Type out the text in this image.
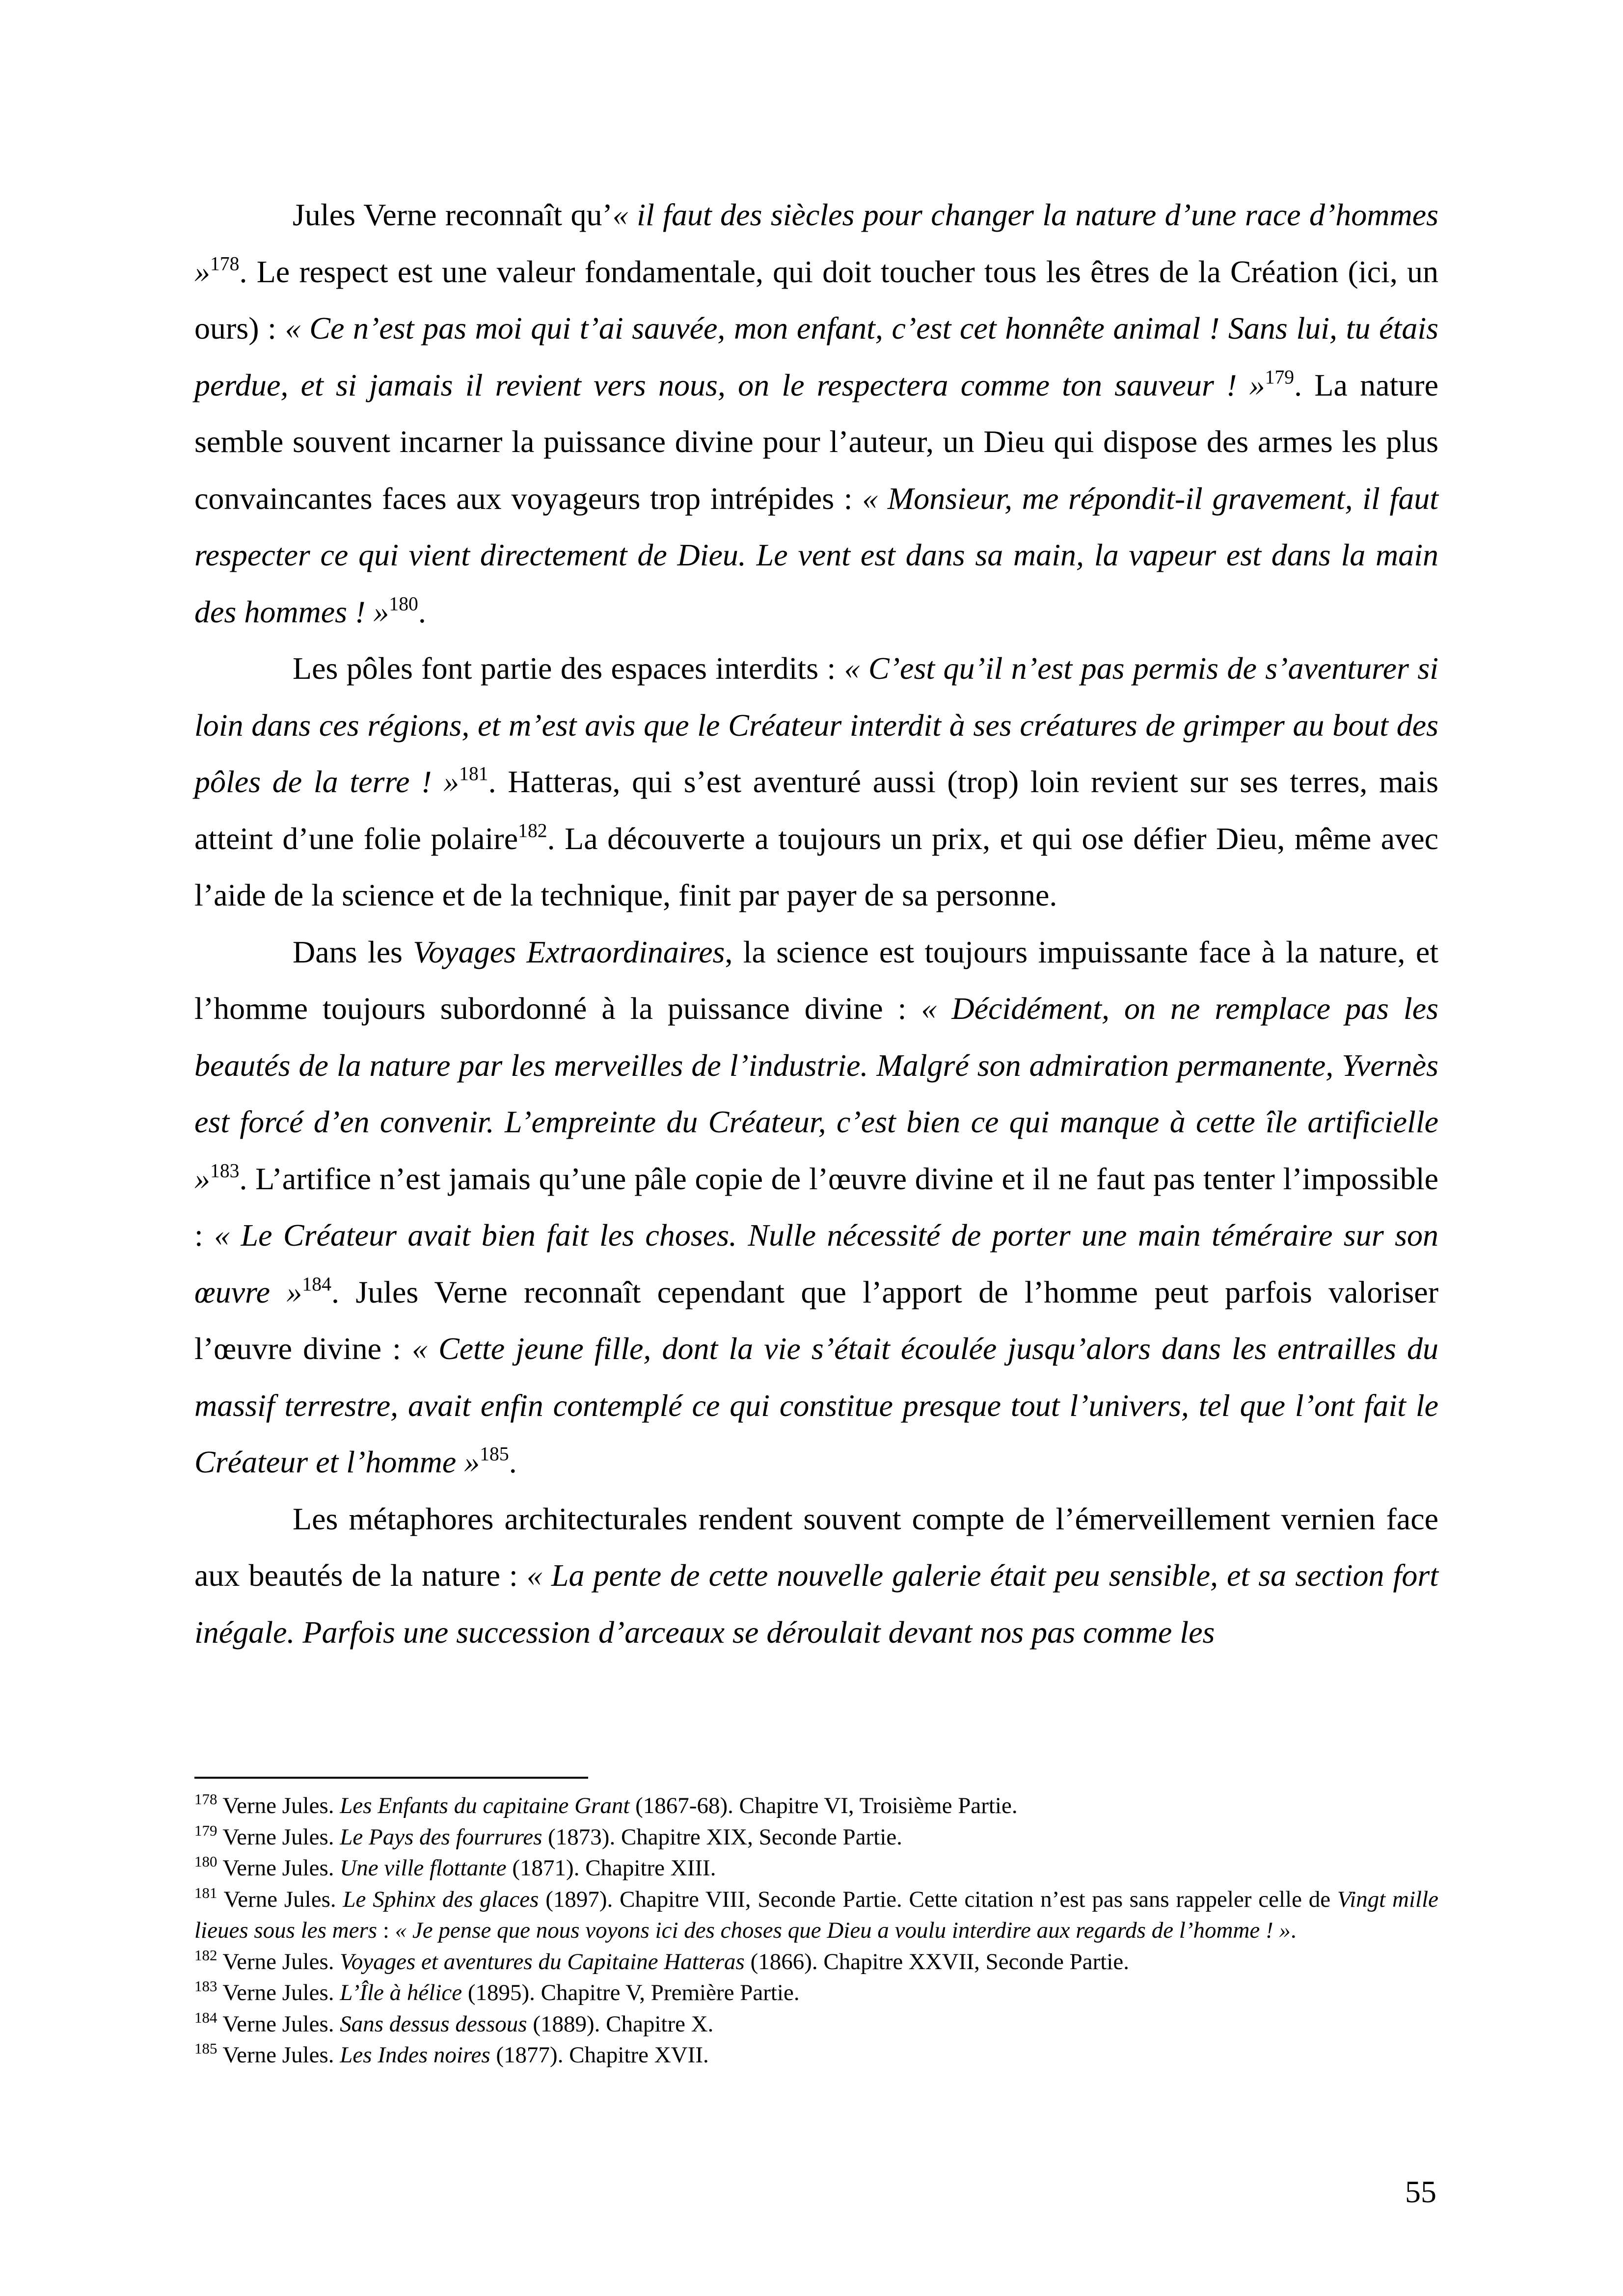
Jules Verne reconnaît qu’« il faut des siècles pour changer la nature d’une race d’hommes »$^{178}$. Le respect est une valeur fondamentale, qui doit toucher tous les êtres de la Création (ici, un ours) : « Ce n’est pas moi qui t’ai sauvée, mon enfant, c’est cet honnête animal ! Sans lui, tu étais perdue, et si jamais il revient vers nous, on le respectera comme ton sauveur ! »$^{179}$. La nature semble souvent incarner la puissance divine pour l’auteur, un Dieu qui dispose des armes les plus convaincantes faces aux voyageurs trop intrépides : « Monsieur, me répondit-il gravement, il faut respecter ce qui vient directement de Dieu. Le vent est dans sa main, la vapeur est dans la main des hommes ! »$^{180}$.

Les pôles font partie des espaces interdits : « C’est qu’il n’est pas permis de s’aventurer si loin dans ces régions, et m’est avis que le Créateur interdit à ses créatures de grimper au bout des pôles de la terre ! »$^{181}$. Hatteras, qui s’est aventuré aussi (trop) loin revient sur ses terres, mais atteint d’une folie polaire$^{182}$. La découverte a toujours un prix, et qui ose défier Dieu, même avec l’aide de la science et de la technique, finit par payer de sa personne.

Dans les Voyages Extraordinaires, la science est toujours impuissante face à la nature, et l’homme toujours subordonné à la puissance divine : « Décidément, on ne remplace pas les beautés de la nature par les merveilles de l’industrie. Malgré son admiration permanente, Yvernès est forcé d’en convenir. L’empreinte du Créateur, c’est bien ce qui manque à cette île artificielle »$^{183}$. L’artifice n’est jamais qu’une pâle copie de l’œuvre divine et il ne faut pas tenter l’impossible : « Le Créateur avait bien fait les choses. Nulle nécessité de porter une main téméraire sur son œuvre »$^{184}$. Jules Verne reconnaît cependant que l’apport de l’homme peut parfois valoriser l’œuvre divine : « Cette jeune fille, dont la vie s’était écoulée jusqu’alors dans les entrailles du massif terrestre, avait enfin contemplé ce qui constitue presque tout l’univers, tel que l’ont fait le Créateur et l’homme »$^{185}$.

Les métaphores architecturales rendent souvent compte de l’émerveillement vernien face aux beautés de la nature : « La pente de cette nouvelle galerie était peu sensible, et sa section fort inégale. Parfois une succession d’arceaux se déroulait devant nos pas comme les

$^{178}$ Verne Jules. Les Enfants du capitaine Grant (1867-68). Chapitre VI, Troisième Partie.

$^{179}$ Verne Jules. Le Pays des fourrures (1873). Chapitre XIX, Seconde Partie.

$^{180}$ Verne Jules. Une ville flottante (1871). Chapitre XIII.

$^{181}$ Verne Jules. Le Sphinx des glaces (1897). Chapitre VIII, Seconde Partie. Cette citation n’est pas sans rappeler celle de Vingt mille lieues sous les mers : « Je pense que nous voyons ici des choses que Dieu a voulu interdire aux regards de l’homme ! ».

$^{182}$ Verne Jules. Voyages et aventures du Capitaine Hatteras (1866). Chapitre XXVII, Seconde Partie.

$^{183}$ Verne Jules. L’Île à hélice (1895). Chapitre V, Première Partie.

$^{184}$ Verne Jules. Sans dessus dessous (1889). Chapitre X.

$^{185}$ Verne Jules. Les Indes noires (1877). Chapitre XVII.

55
